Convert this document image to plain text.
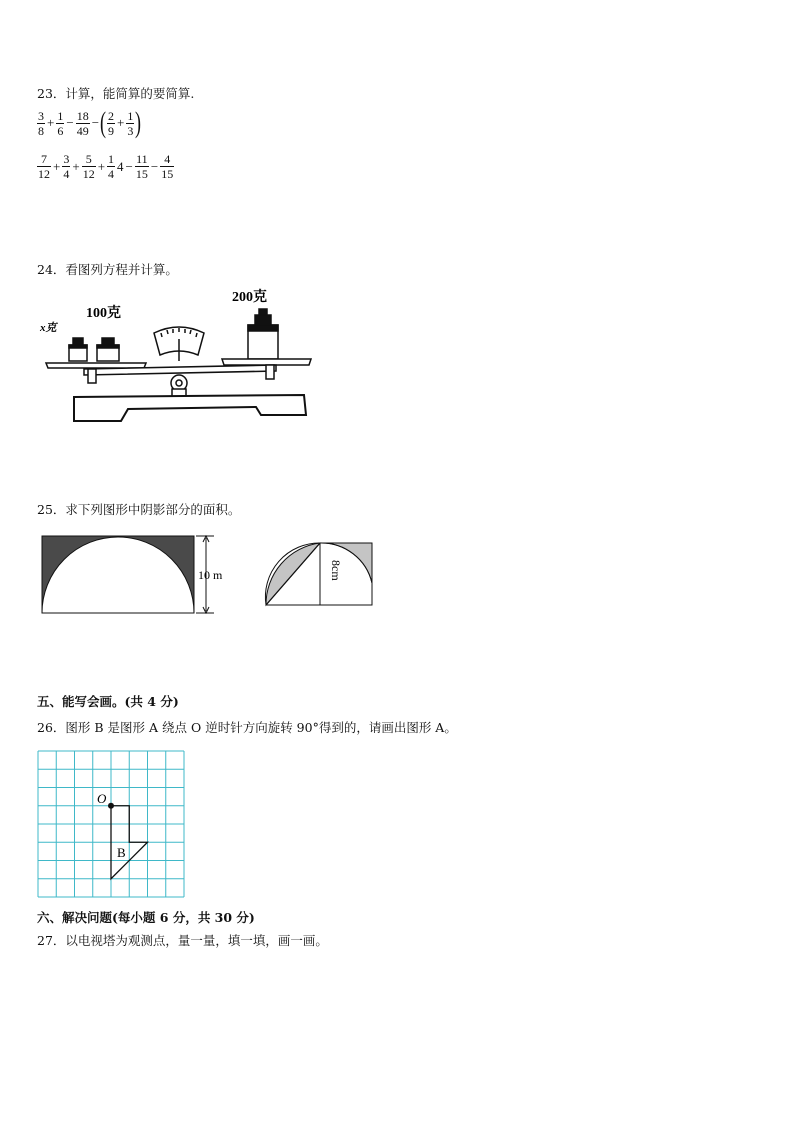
23．计算，能简算的要简算.
$\frac{3}{8} + \frac{1}{6} - \frac{18}{49}$ −( $\frac{2}{9} + \frac{1}{3}$ )
$\frac{7}{12} + \frac{3}{4} + \frac{5}{12} + \frac{1}{4} 4 - \frac{11}{15} - \frac{4}{15}$
24．看图列方程并计算。
x克
100克
200克
25．求下列图形中阴影部分的面积。
10 m	8cm
五、能写会画。(共 4 分)
26．图形 B 是图形 A 绕点 O 逆时针方向旋转 90°得到的，请画出图形 A。
O
B
六、解决问题(每小题 6 分，共 30 分)
27．以电视塔为观测点，量一量，填一填，画一画。
